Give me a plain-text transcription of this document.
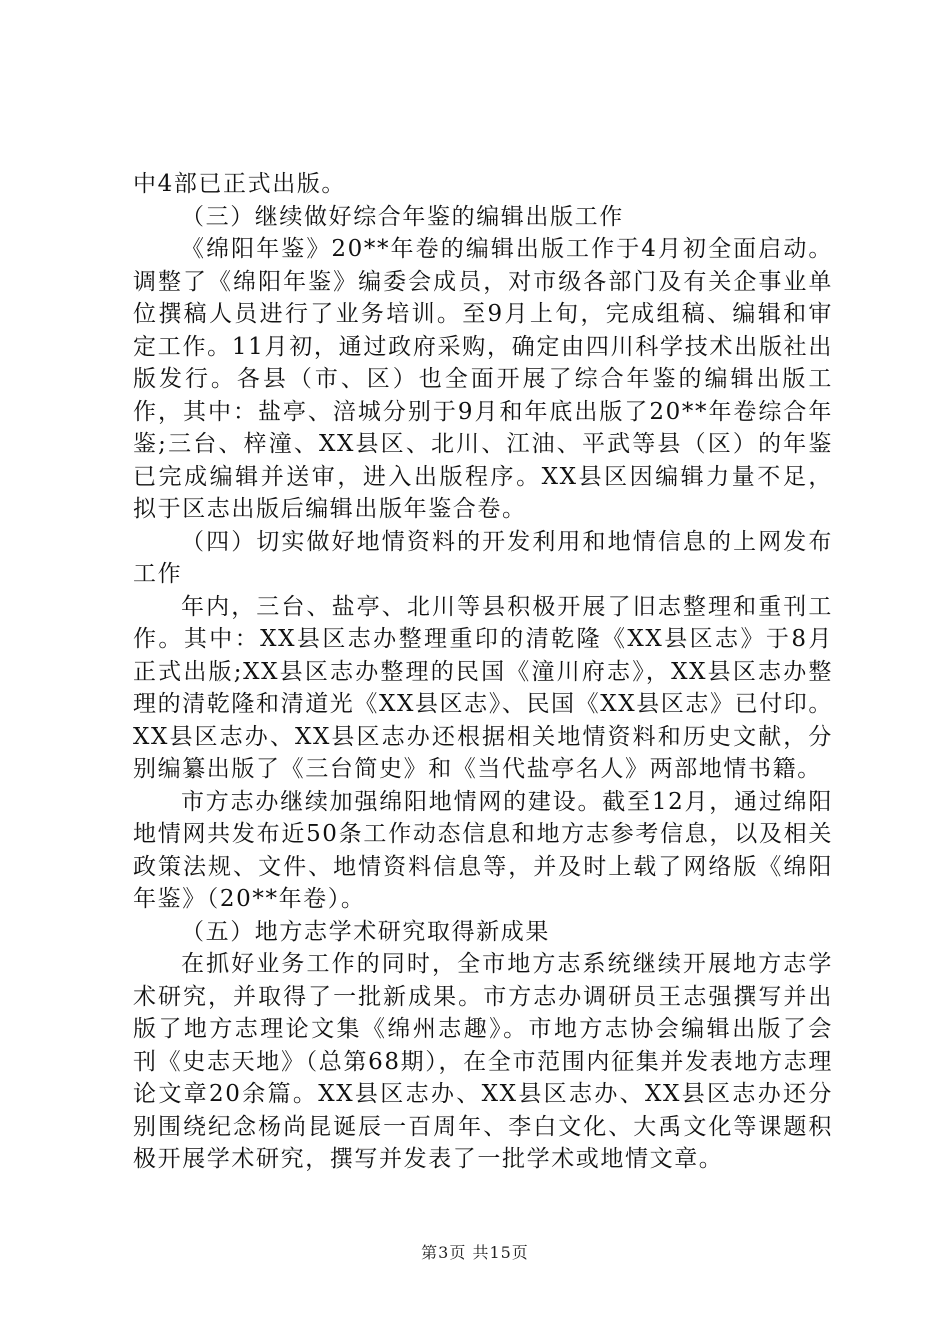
中4部已正式出版。

（三）继续做好综合年鉴的编辑出版工作

《绵阳年鉴》20**年卷的编辑出版工作于4月初全面启动。调整了《绵阳年鉴》编委会成员，对市级各部门及有关企事业单位撰稿人员进行了业务培训。至9月上旬，完成组稿、编辑和审定工作。11月初，通过政府采购，确定由四川科学技术出版社出版发行。各县（市、区）也全面开展了综合年鉴的编辑出版工作，其中：盐亭、涪城分别于9月和年底出版了20**年卷综合年鉴;三台、梓潼、XX县区、北川、江油、平武等县（区）的年鉴已完成编辑并送审，进入出版程序。XX县区因编辑力量不足，拟于区志出版后编辑出版年鉴合卷。

（四）切实做好地情资料的开发利用和地情信息的上网发布工作

年内，三台、盐亭、北川等县积极开展了旧志整理和重刊工作。其中：XX县区志办整理重印的清乾隆《XX县区志》于8月正式出版;XX县区志办整理的民国《潼川府志》，XX县区志办整理的清乾隆和清道光《XX县区志》、民国《XX县区志》已付印。XX县区志办、XX县区志办还根据相关地情资料和历史文献，分别编纂出版了《三台简史》和《当代盐亭名人》两部地情书籍。

市方志办继续加强绵阳地情网的建设。截至12月，通过绵阳地情网共发布近50条工作动态信息和地方志参考信息，以及相关政策法规、文件、地情资料信息等，并及时上载了网络版《绵阳年鉴》（20**年卷）。

（五）地方志学术研究取得新成果

在抓好业务工作的同时，全市地方志系统继续开展地方志学术研究，并取得了一批新成果。市方志办调研员王志强撰写并出版了地方志理论文集《绵州志趣》。市地方志协会编辑出版了会刊《史志天地》（总第68期），在全市范围内征集并发表地方志理论文章20余篇。XX县区志办、XX县区志办、XX县区志办还分别围绕纪念杨尚昆诞辰一百周年、李白文化、大禹文化等课题积极开展学术研究，撰写并发表了一批学术或地情文章。

第3页 共15页
